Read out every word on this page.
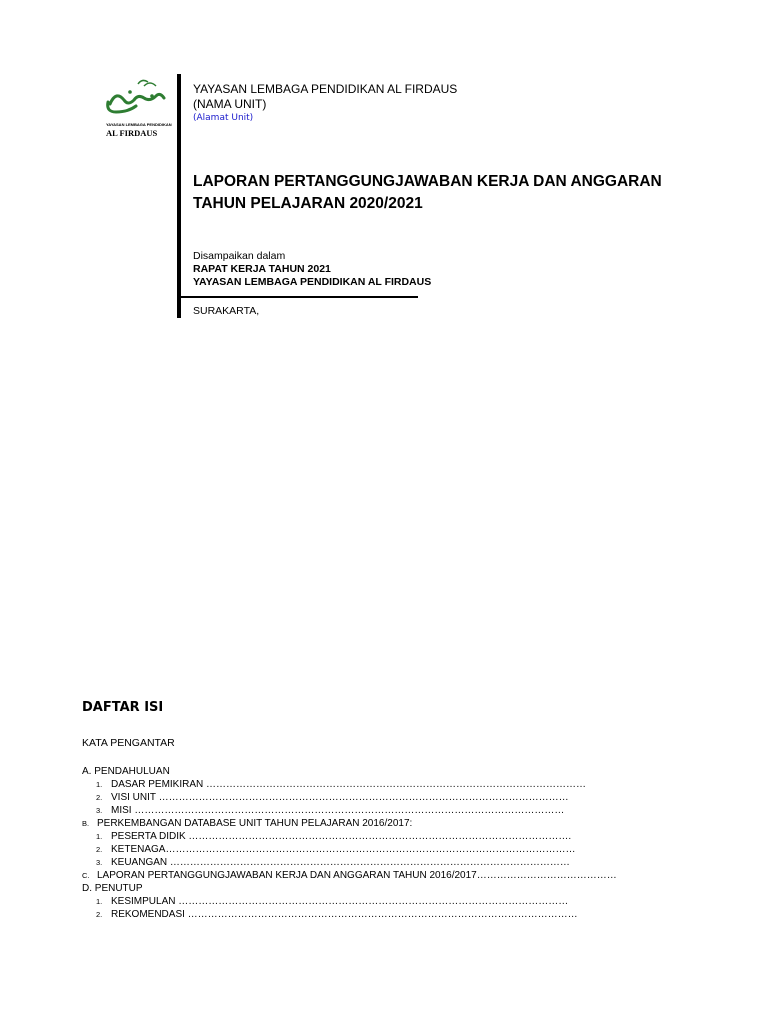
YAYASAN LEMBAGA PENDIDIKAN
AL FIRDAUS
YAYASAN LEMBAGA PENDIDIKAN AL FIRDAUS
(NAMA UNIT)
(Alamat Unit)
LAPORAN PERTANGGUNGJAWABAN KERJA DAN ANGGARAN
TAHUN PELAJARAN 2020/2021
Disampaikan dalam
RAPAT KERJA TAHUN 2021
YAYASAN LEMBAGA PENDIDIKAN AL FIRDAUS
SURAKARTA,
DAFTAR ISI
KATA PENGANTAR
A. PENDAHULUAN
1. DASAR PEMIKIRAN ……………………………………………………………………………………………………
2. VISI UNIT ……………………………………………………………………………………………………………
3. MISI …………………………………………………………………………………………………………………
B. PERKEMBANGAN DATABASE UNIT TAHUN PELAJARAN 2016/2017:
1. PESERTA DIDIK …………………………………………………………………………………………………….
2. KETENAGA……………………………………………………………………………………………………………
3. KEUANGAN …………………………………………………………………………………………………………
C. LAPORAN PERTANGGUNGJAWABAN KERJA DAN ANGGARAN TAHUN 2016/2017……………………………………
D. PENUTUP
1. KESIMPULAN ………………………………………………………………………………………………………
2. REKOMENDASI ………………………………………………………………………………………………………
